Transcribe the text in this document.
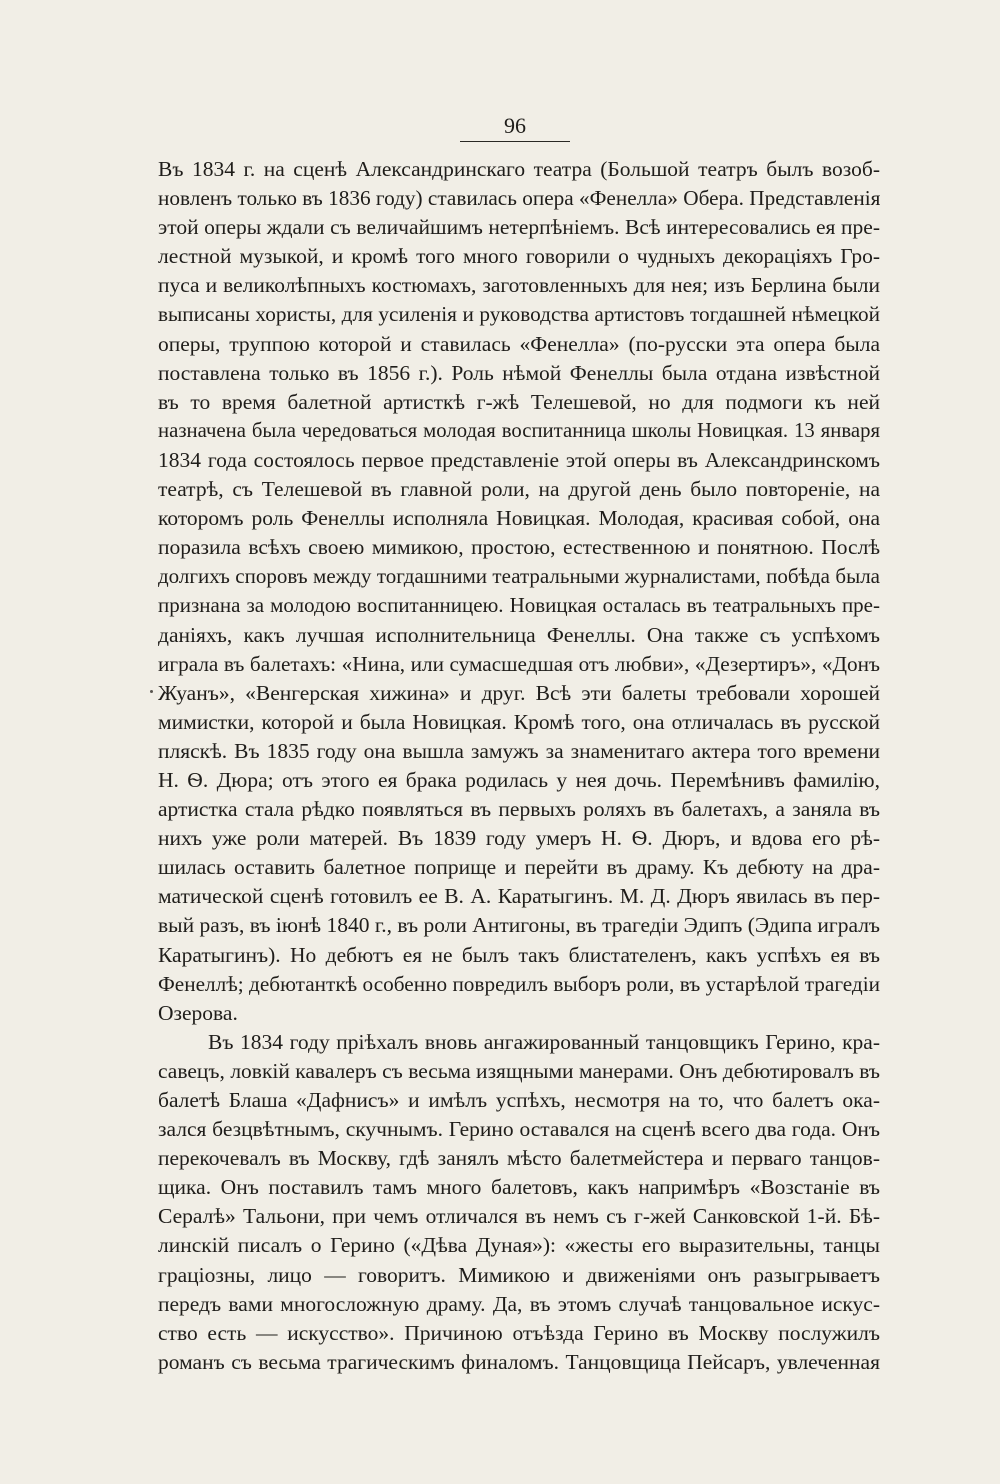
96
Въ 1834 г. на сценѣ Александринскаго театра (Большой театръ былъ возоб-
новленъ только въ 1836 году) ставилась опера «Фенелла» Обера. Представленія
этой оперы ждали съ величайшимъ нетерпѣніемъ. Всѣ интересовались ея пре-
лестной музыкой, и кромѣ того много говорили о чудныхъ декораціяхъ Гро-
пуса и великолѣпныхъ костюмахъ, заготовленныхъ для нея; изъ Берлина были
выписаны хористы, для усиленія и руководства артистовъ тогдашней нѣмецкой
оперы, труппою которой и ставилась «Фенелла» (по-русски эта опера была
поставлена только въ 1856 г.). Роль нѣмой Фенеллы была отдана извѣстной
въ то время балетной артисткѣ г-жѣ Телешевой, но для подмоги къ ней
назначена была чередоваться молодая воспитанница школы Новицкая. 13 января
1834 года состоялось первое представленіе этой оперы въ Александринскомъ
театрѣ, съ Телешевой въ главной роли, на другой день было повтореніе, на
которомъ роль Фенеллы исполняла Новицкая. Молодая, красивая собой, она
поразила всѣхъ своею мимикою, простою, естественною и понятною. Послѣ
долгихъ споровъ между тогдашними театральными журналистами, побѣда была
признана за молодою воспитанницею. Новицкая осталась въ театральныхъ пре-
даніяхъ, какъ лучшая исполнительница Фенеллы. Она также съ успѣхомъ
играла въ балетахъ: «Нина, или сумасшедшая отъ любви», «Дезертиръ», «Донъ
Жуанъ», «Венгерская хижина» и друг. Всѣ эти балеты требовали хорошей
мимистки, которой и была Новицкая. Кромѣ того, она отличалась въ русской
пляскѣ. Въ 1835 году она вышла замужъ за знаменитаго актера того времени
Н. Ѳ. Дюра; отъ этого ея брака родилась у нея дочь. Перемѣнивъ фамилію,
артистка стала рѣдко появляться въ первыхъ роляхъ въ балетахъ, а заняла въ
нихъ уже роли матерей. Въ 1839 году умеръ Н. Ѳ. Дюръ, и вдова его рѣ-
шилась оставить балетное поприще и перейти въ драму. Къ дебюту на дра-
матической сценѣ готовилъ ее В. А. Каратыгинъ. М. Д. Дюръ явилась въ пер-
вый разъ, въ іюнѣ 1840 г., въ роли Антигоны, въ трагедіи Эдипъ (Эдипа игралъ
Каратыгинъ). Но дебютъ ея не былъ такъ блистателенъ, какъ успѣхъ ея въ
Фенеллѣ; дебютанткѣ особенно повредилъ выборъ роли, въ устарѣлой трагедіи
Озерова.
Въ 1834 году пріѣхалъ вновь ангажированный танцовщикъ Герино, кра-
савецъ, ловкій кавалеръ съ весьма изящными манерами. Онъ дебютировалъ въ
балетѣ Блаша «Дафнисъ» и имѣлъ успѣхъ, несмотря на то, что балетъ ока-
зался безцвѣтнымъ, скучнымъ. Герино оставался на сценѣ всего два года. Онъ
перекочевалъ въ Москву, гдѣ занялъ мѣсто балетмейстера и перваго танцов-
щика. Онъ поставилъ тамъ много балетовъ, какъ напримѣръ «Возстаніе въ
Сералѣ» Тальони, при чемъ отличался въ немъ съ г-жей Санковской 1-й. Бѣ-
линскій писалъ о Герино («Дѣва Дуная»): «жесты его выразительны, танцы
граціозны, лицо — говоритъ. Мимикою и движеніями онъ разыгрываетъ
передъ вами многосложную драму. Да, въ этомъ случаѣ танцовальное искус-
ство есть — искусство». Причиною отъѣзда Герино въ Москву послужилъ
романъ съ весьма трагическимъ финаломъ. Танцовщица Пейсаръ, увлеченная
